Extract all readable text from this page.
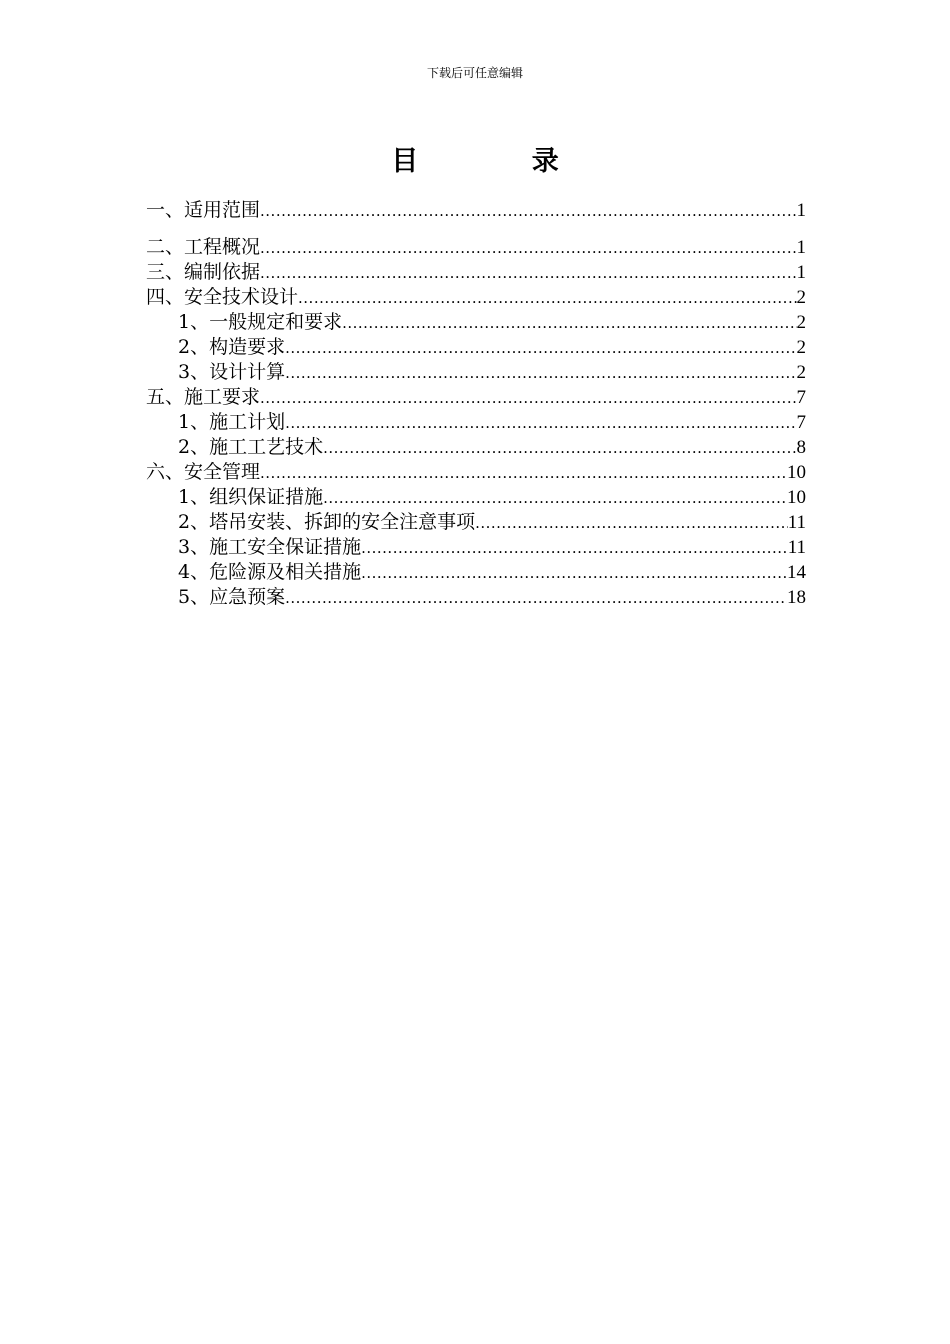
下载后可任意编辑
目 录
一、适用范围 .....	1
二、工程概况 .....	1
三、编制依据 .....	1
四、安全技术设计 .....	2
1、一般规定和要求 .....	2
2、构造要求 .....	2
3、设计计算 .....	2
五、施工要求 .....	7
1、施工计划 .....	7
2、施工工艺技术 .....	8
六、安全管理 .....	10
1、组织保证措施 .....	10
2、塔吊安装、拆卸的安全注意事项 .....	11
3、施工安全保证措施 .....	11
4、危险源及相关措施 .....	14
5、应急预案 .....	18
